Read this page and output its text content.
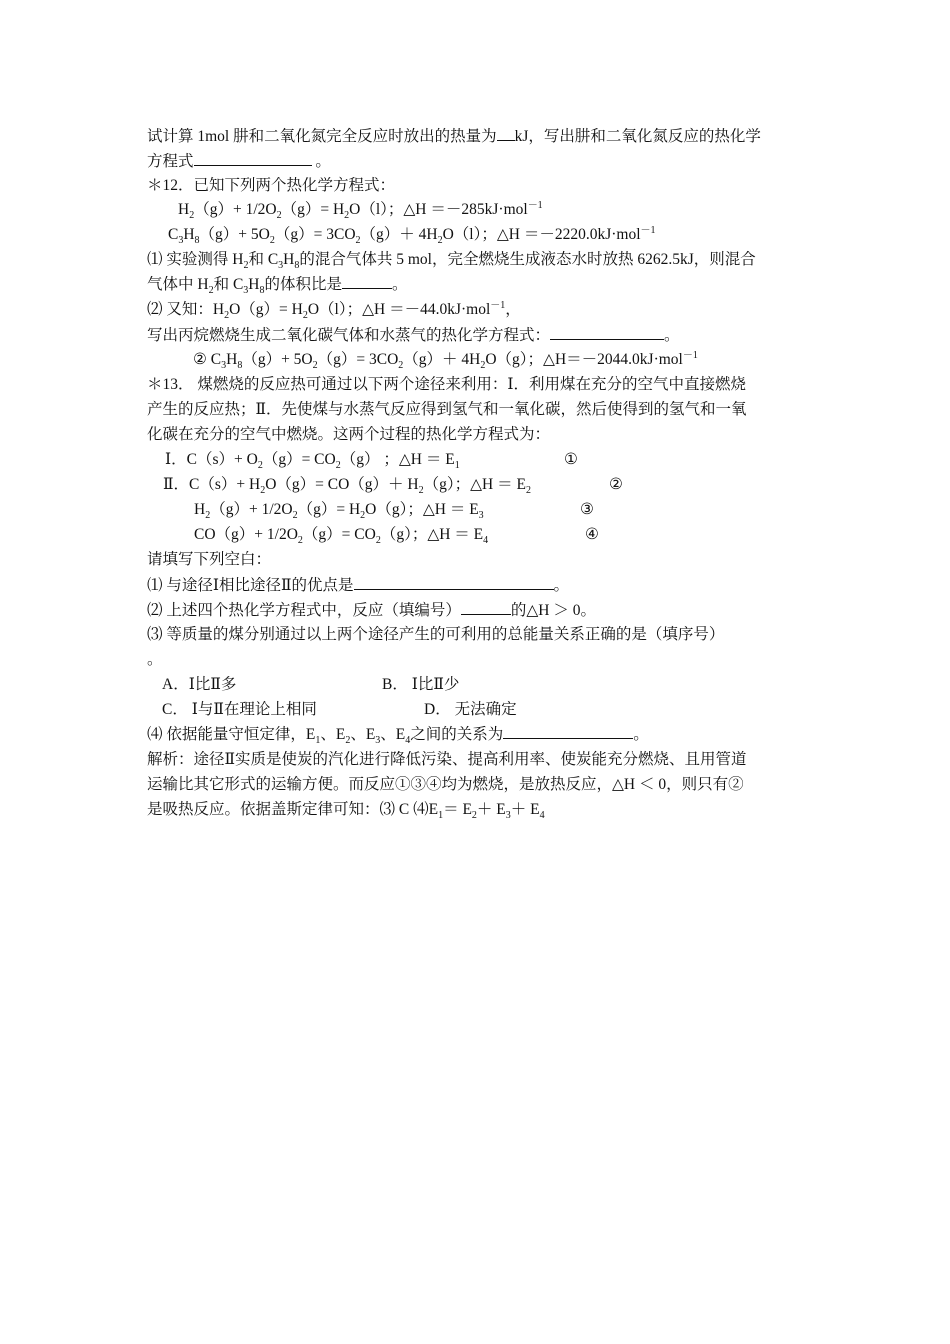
试计算 1mol 肼和二氧化氮完全反应时放出的热量为 kJ，写出肼和二氧化氮反应的热化学
方程式	。
＊12．已知下列两个热化学方程式：
$H_2(g)+ 1/2O_2(g)= H_2O(l)$；△H ＝－285kJ·mol$^{-1}$
$C_3H_8(g)+ 5O_2(g)= 3CO_2(g)+ 4H_2O(l)$；△H ＝－2220.0kJ·mol$^{-1}$
⑴ 实验测得 $H_2$和 $C_3H_8$的混合气体共 5 mol，完全燃烧生成液态水时放热 6262.5kJ，则混合
气体中 $H_2$和 $C_3H_8$的体积比是	。
⑵ 又知：$H_2O(g)= H_2O(l)$；△H ＝－44.0kJ·mol$^{-1}$，
写出丙烷燃烧生成二氧化碳气体和水蒸气的热化学方程式：	。
② $C_3H_8(g)+ 5O_2(g)= 3CO_2(g)+ 4H_2O(g)$；△H＝－2044.0kJ·mol$^{-1}$
＊13． 煤燃烧的反应热可通过以下两个途径来利用：Ⅰ．利用煤在充分的空气中直接燃烧
产生的反应热；Ⅱ．先使煤与水蒸气反应得到氢气和一氧化碳，然后使得到的氢气和一氧
化碳在充分的空气中燃烧。这两个过程的热化学方程式为：
Ⅰ．$C(s)+ O_2(g)= CO_2(g)$ ；△H ＝ $E_1$	①
Ⅱ．$C(s)+ H_2O(g)= CO(g)+ H_2(g)$；△H ＝ $E_2$	②
$H_2(g)+ 1/2O_2(g)= H_2O(g)$；△H ＝ $E_3$	③
$CO(g)+ 1/2O_2(g)= CO_2(g)$；△H ＝ $E_4$	④
请填写下列空白：
⑴ 与途径Ⅰ相比途径Ⅱ的优点是	。
⑵ 上述四个热化学方程式中，反应（填编号）	的△H ＞ 0。
⑶ 等质量的煤分别通过以上两个途径产生的可利用的总能量关系正确的是（填序号）
。
A．Ⅰ比Ⅱ多	B． Ⅰ比Ⅱ少
C． Ⅰ与Ⅱ在理论上相同	D． 无法确定
⑷ 依据能量守恒定律，$E_1$、$E_2$、$E_3$、$E_4$之间的关系为	。
解析：途径Ⅱ实质是使炭的汽化进行降低污染、提高利用率、使炭能充分燃烧、且用管道
运输比其它形式的运输方便。而反应①③④均为燃烧，是放热反应，△H ＜ 0，则只有②
是吸热反应。依据盖斯定律可知：⑶ C $⑷E_1= E_2+ E_3+ E_4$
